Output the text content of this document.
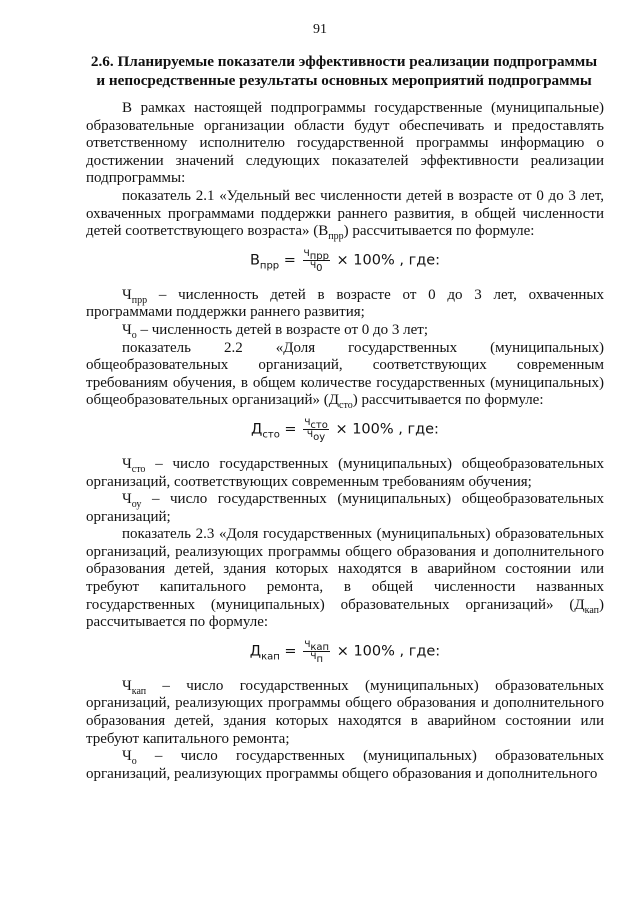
91
2.6. Планируемые показатели эффективности реализации подпрограммы и непосредственные результаты основных мероприятий подпрограммы

В рамках настоящей подпрограммы государственные (муниципальные) образовательные организации области будут обеспечивать и предоставлять ответственному исполнителю государственной программы информацию о достижении значений следующих показателей эффективности реализации подпрограммы:

показатель 2.1 «Удельный вес численности детей в возрасте от 0 до 3 лет, охваченных программами поддержки раннего развития, в общей численности детей соответствующего возраста» $(В_{прр})$ рассчитывается по формуле:

$В_{прр} = \frac{Ч_{прр}}{Ч_0} \times 100\%$ , где:

$Ч_{прр}$ – численность детей в возрасте от 0 до 3 лет, охваченных программами поддержки раннего развития;

$Ч_о$ – численность детей в возрасте от 0 до 3 лет;

показатель 2.2 «Доля государственных (муниципальных) общеобразовательных организаций, соответствующих современным требованиям обучения, в общем количестве государственных (муниципальных) общеобразовательных организаций» $(Д_{сто})$ рассчитывается по формуле:

$Д_{сто} = \frac{Ч_{сто}}{Ч_{оу}} \times 100\%$ , где:

$Ч_{сто}$ – число государственных (муниципальных) общеобразовательных организаций, соответствующих современным требованиям обучения;

$Ч_{оу}$ – число государственных (муниципальных) общеобразовательных организаций;

показатель 2.3 «Доля государственных (муниципальных) образовательных организаций, реализующих программы общего образования и дополнительного образования детей, здания которых находятся в аварийном состоянии или требуют капитального ремонта, в общей численности названных государственных (муниципальных) образовательных организаций» $(Д_{кап})$ рассчитывается по формуле:

$Д_{кап} = \frac{Ч_{кап}}{Ч_п} \times 100\%$ , где:

$Ч_{кап}$ – число государственных (муниципальных) образовательных организаций, реализующих программы общего образования и дополнительного образования детей, здания которых находятся в аварийном состоянии или требуют капитального ремонта;

$Ч_о$ – число государственных (муниципальных) образовательных организаций, реализующих программы общего образования и дополнительного
